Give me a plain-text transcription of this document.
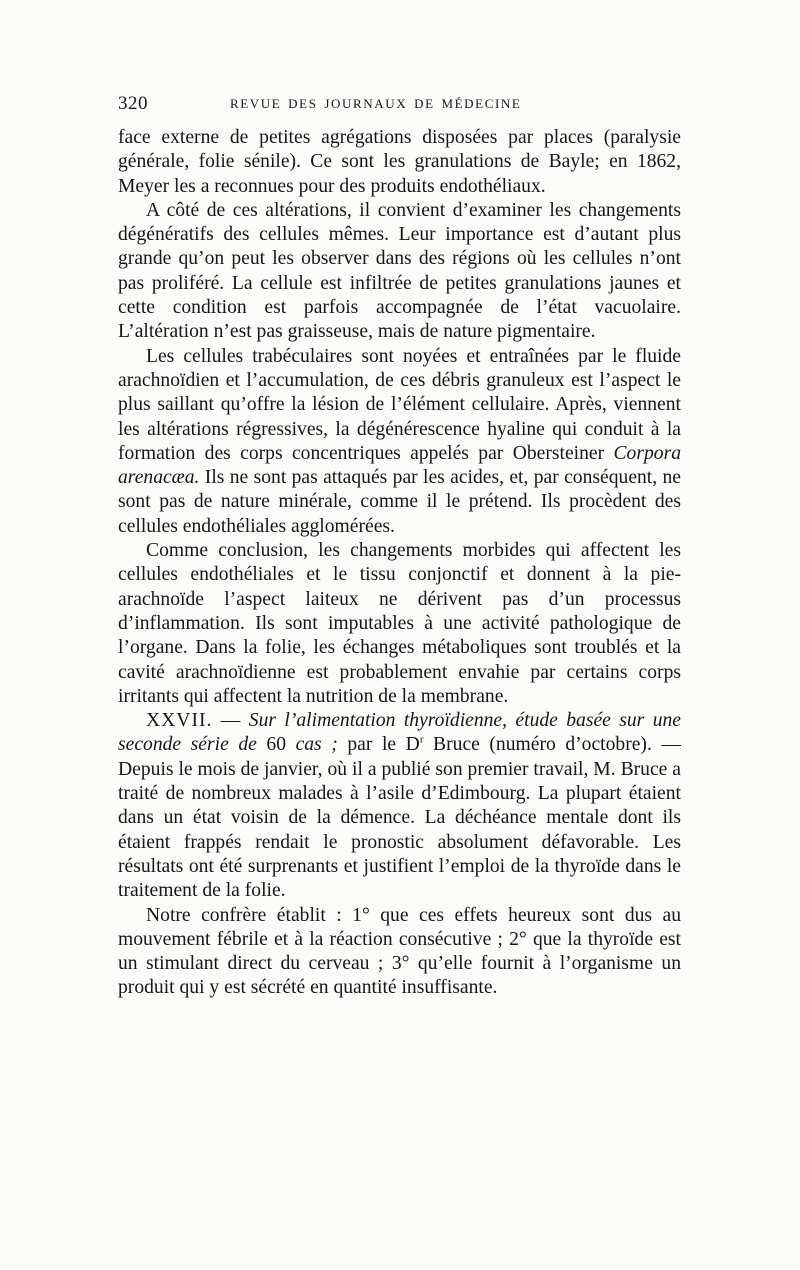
320	REVUE DES JOURNAUX DE MÉDECINE

face externe de petites agrégations disposées par places (paralysie générale, folie sénile). Ce sont les granulations de Bayle; en 1862, Meyer les a reconnues pour des produits endothéliaux.

A côté de ces altérations, il convient d’examiner les changements dégénératifs des cellules mêmes. Leur importance est d’autant plus grande qu’on peut les observer dans des régions où les cellules n’ont pas proliféré. La cellule est infiltrée de petites granulations jaunes et cette condition est parfois accompagnée de l’état vacuolaire. L’altération n’est pas graisseuse, mais de nature pigmentaire.

Les cellules trabéculaires sont noyées et entraînées par le fluide arachnoïdien et l’accumulation, de ces débris granuleux est l’aspect le plus saillant qu’offre la lésion de l’élément cellulaire. Après, viennent les altérations régressives, la dégénérescence hyaline qui conduit à la formation des corps concentriques appelés par Obersteiner Corpora arenacæa. Ils ne sont pas attaqués par les acides, et, par conséquent, ne sont pas de nature minérale, comme il le prétend. Ils procèdent des cellules endothéliales agglomérées.

Comme conclusion, les changements morbides qui affectent les cellules endothéliales et le tissu conjonctif et donnent à la pie-arachnoïde l’aspect laiteux ne dérivent pas d’un processus d’inflammation. Ils sont imputables à une activité pathologique de l’organe. Dans la folie, les échanges métaboliques sont troublés et la cavité arachnoïdienne est probablement envahie par certains corps irritants qui affectent la nutrition de la membrane.

XXVII. — Sur l’alimentation thyroïdienne, étude basée sur une seconde série de 60 cas ; par le $D^r$ Bruce (numéro d’octobre). — Depuis le mois de janvier, où il a publié son premier travail, M. Bruce a traité de nombreux malades à l’asile d’Edimbourg. La plupart étaient dans un état voisin de la démence. La déchéance mentale dont ils étaient frappés rendait le pronostic absolument défavorable. Les résultats ont été surprenants et justifient l’emploi de la thyroïde dans le traitement de la folie.

Notre confrère établit : 1° que ces effets heureux sont dus au mouvement fébrile et à la réaction consécutive ; 2° que la thyroïde est un stimulant direct du cerveau ; 3° qu’elle fournit à l’organisme un produit qui y est sécrété en quantité insuffisante.
